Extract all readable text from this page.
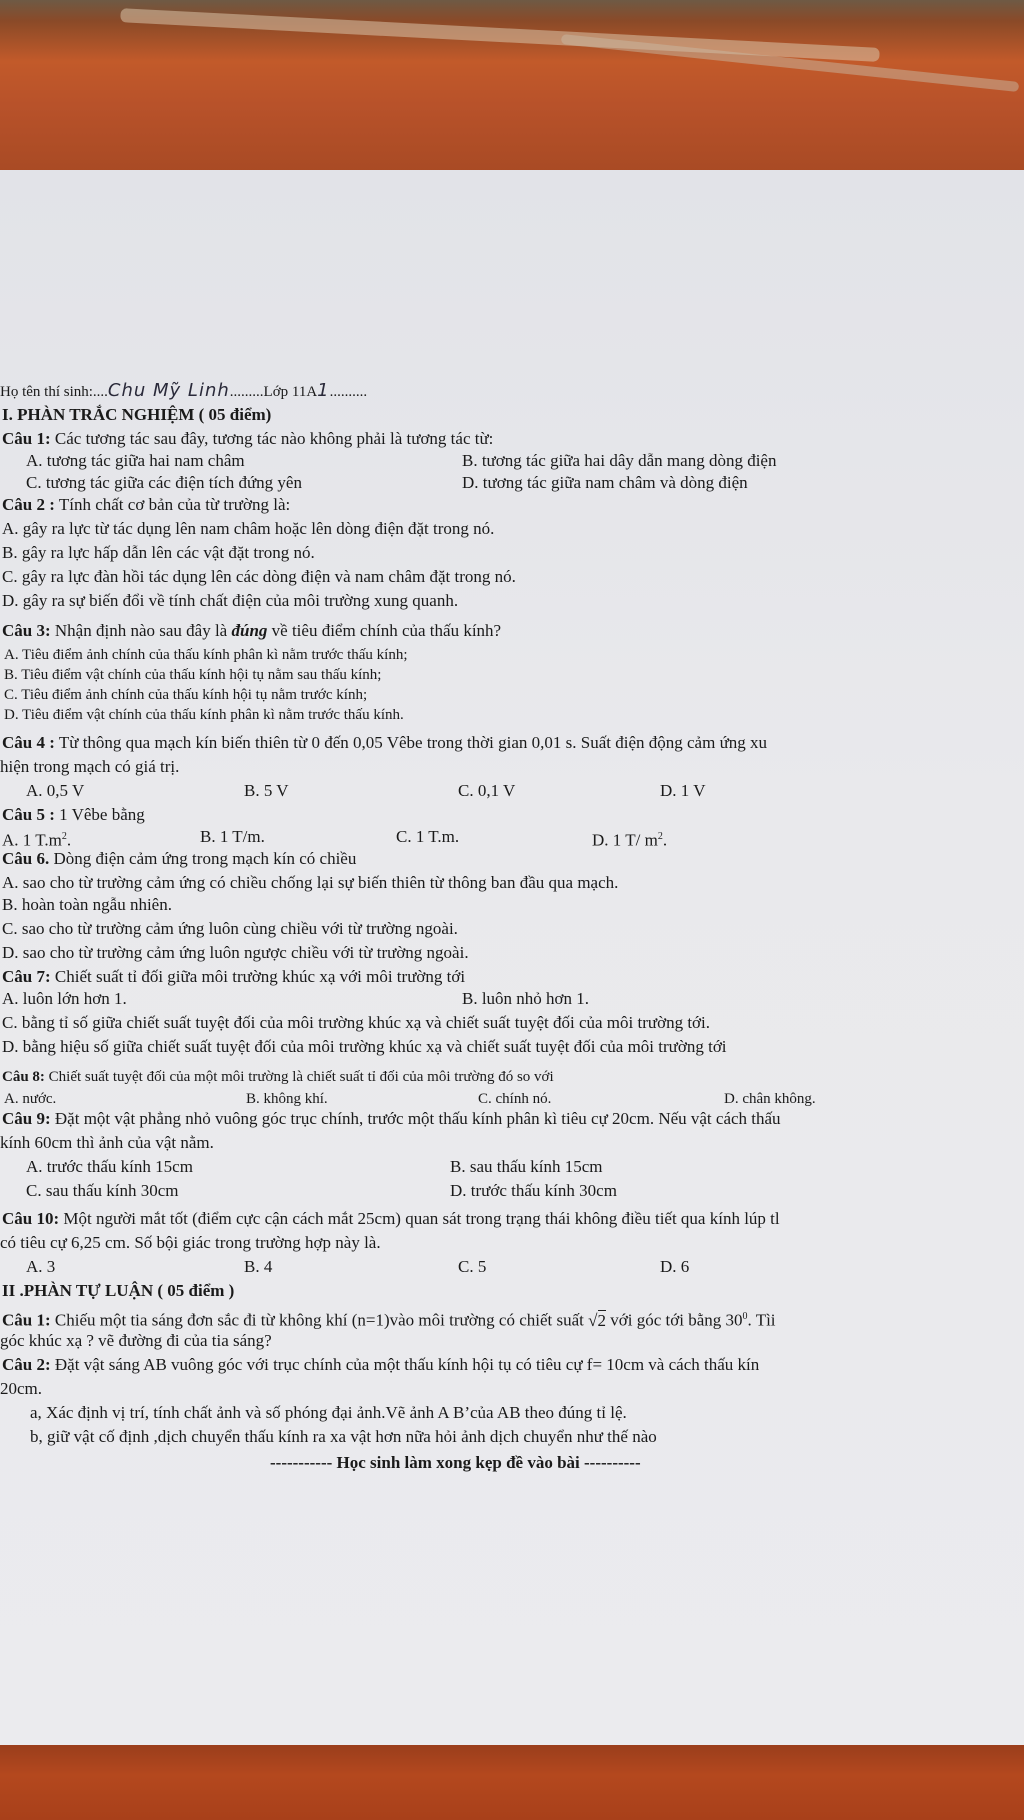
Họ tên thí sinh:....Chu Mỹ Linh.........Lớp 11A1..........
I. PHÀN TRẮC NGHIỆM ( 05 điểm)
Câu 1: Các tương tác sau đây, tương tác nào không phải là tương tác từ:
A. tương tác giữa hai nam châm	B. tương tác giữa hai dây dẫn mang dòng điện
C. tương tác giữa các điện tích đứng yên	D. tương tác giữa nam châm và dòng điện
Câu 2 : Tính chất cơ bản của từ trường là:
A. gây ra lực từ tác dụng lên nam châm hoặc lên dòng điện đặt trong nó.
B. gây ra lực hấp dẫn lên các vật đặt trong nó.
C. gây ra lực đàn hồi tác dụng lên các dòng điện và nam châm đặt trong nó.
D. gây ra sự biến đổi về tính chất điện của môi trường xung quanh.
Câu 3: Nhận định nào sau đây là đúng về tiêu điểm chính của thấu kính?
A. Tiêu điểm ảnh chính của thấu kính phân kì nằm trước thấu kính;
B. Tiêu điểm vật chính của thấu kính hội tụ nằm sau thấu kính;
C. Tiêu điểm ảnh chính của thấu kính hội tụ nằm trước kính;
D. Tiêu điểm vật chính của thấu kính phân kì nằm trước thấu kính.
Câu 4 : Từ thông qua mạch kín biến thiên từ 0 đến 0,05 Vêbe trong thời gian 0,01 s. Suất điện động cảm ứng xu
hiện trong mạch có giá trị.
A. 0,5 V	B. 5 V	C. 0,1 V	D. 1 V
Câu 5 : 1 Vêbe bằng
A. 1 $T.m^2$.	B. 1 T/m.	C. 1 T.m.	D. 1 T/ $m^2$.
Câu 6. Dòng điện cảm ứng trong mạch kín có chiều
A. sao cho từ trường cảm ứng có chiều chống lại sự biến thiên từ thông ban đầu qua mạch.
B. hoàn toàn ngẫu nhiên.
C. sao cho từ trường cảm ứng luôn cùng chiều với từ trường ngoài.
D. sao cho từ trường cảm ứng luôn ngược chiều với từ trường ngoài.
Câu 7: Chiết suất tỉ đối giữa môi trường khúc xạ với môi trường tới
A. luôn lớn hơn 1.	B. luôn nhỏ hơn 1.
C. bằng tỉ số giữa chiết suất tuyệt đối của môi trường khúc xạ và chiết suất tuyệt đối của môi trường tới.
D. bằng hiệu số giữa chiết suất tuyệt đối của môi trường khúc xạ và chiết suất tuyệt đối của môi trường tới
Câu 8: Chiết suất tuyệt đối của một môi trường là chiết suất tỉ đối của môi trường đó so với
A. nước.	B. không khí.	C. chính nó.	D. chân không.
Câu 9: Đặt một vật phẳng nhỏ vuông góc trục chính, trước một thấu kính phân kì tiêu cự 20cm. Nếu vật cách thấu
kính 60cm thì ảnh của vật nằm.
A. trước thấu kính 15cm	B. sau thấu kính 15cm
C. sau thấu kính 30cm	D. trước thấu kính 30cm
Câu 10: Một người mắt tốt (điểm cực cận cách mắt 25cm) quan sát trong trạng thái không điều tiết qua kính lúp tl
có tiêu cự 6,25 cm. Số bội giác trong trường hợp này là.
A. 3	B. 4	C. 5	D. 6
II .PHÀN TỰ LUẬN ( 05 điểm )
Câu 1: Chiếu một tia sáng đơn sắc đi từ không khí (n=1)vào môi trường có chiết suất √2 với góc tới bằng $30^0$. Tìi
góc khúc xạ ? vẽ đường đi của tia sáng?
Câu 2: Đặt vật sáng AB vuông góc với trục chính của một thấu kính hội tụ có tiêu cự f= 10cm và cách thấu kín
20cm.
a, Xác định vị trí, tính chất ảnh và số phóng đại ảnh.Vẽ ảnh A B’của AB theo đúng tỉ lệ.
b, giữ vật cố định ,dịch chuyển thấu kính ra xa vật hơn nữa hỏi ảnh dịch chuyển như thế nào
----------- Học sinh làm xong kẹp đề vào bài ----------
